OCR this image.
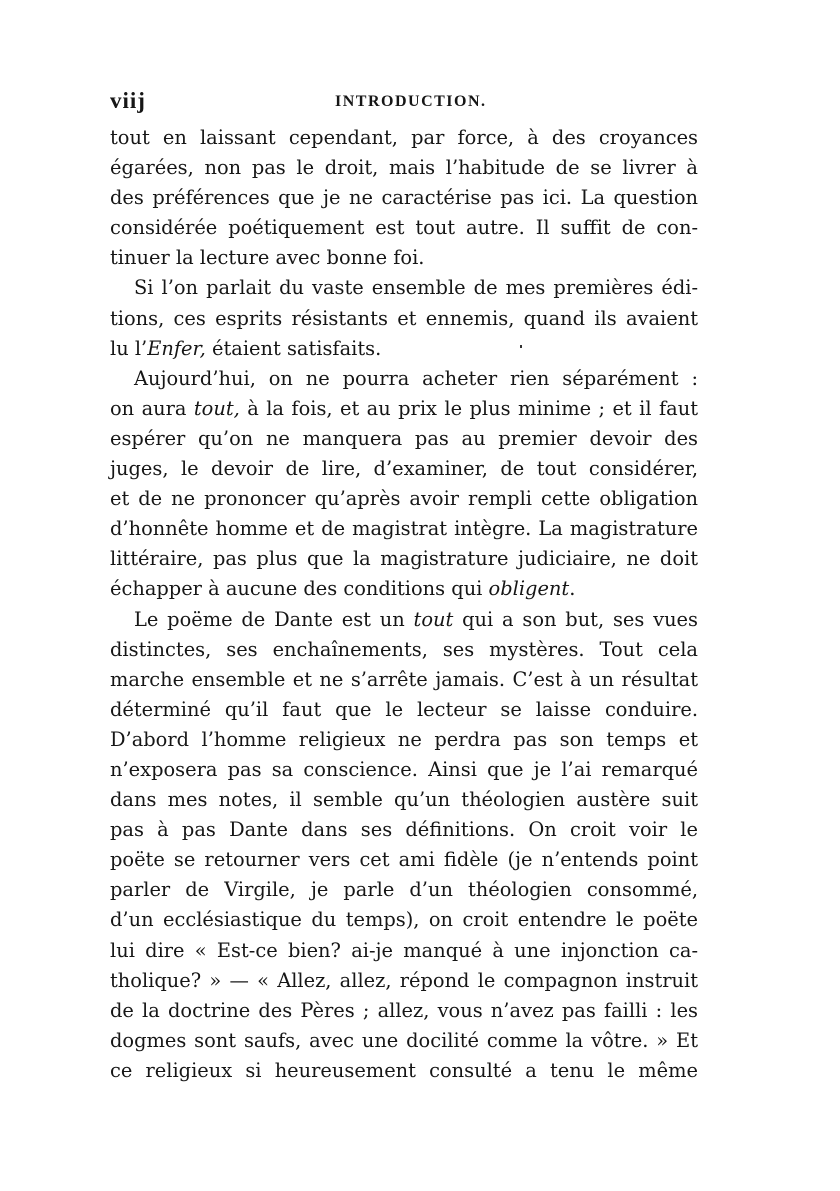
viij	INTRODUCTION.
tout en laissant cependant, par force, à des croyances
égarées, non pas le droit, mais l’habitude de se livrer à
des préférences que je ne caractérise pas ici. La question
considérée poétiquement est tout autre. Il suffit de con-
tinuer la lecture avec bonne foi.
Si l’on parlait du vaste ensemble de mes premières édi-
tions, ces esprits résistants et ennemis, quand ils avaient
lu l’Enfer, étaient satisfaits.
Aujourd’hui, on ne pourra acheter rien séparément :
on aura tout, à la fois, et au prix le plus minime ; et il faut
espérer qu’on ne manquera pas au premier devoir des
juges, le devoir de lire, d’examiner, de tout considérer,
et de ne prononcer qu’après avoir rempli cette obligation
d’honnête homme et de magistrat intègre. La magistrature
littéraire, pas plus que la magistrature judiciaire, ne doit
échapper à aucune des conditions qui obligent.
Le poëme de Dante est un tout qui a son but, ses vues
distinctes, ses enchaînements, ses mystères. Tout cela
marche ensemble et ne s’arrête jamais. C’est à un résultat
déterminé qu’il faut que le lecteur se laisse conduire.
D’abord l’homme religieux ne perdra pas son temps et
n’exposera pas sa conscience. Ainsi que je l’ai remarqué
dans mes notes, il semble qu’un théologien austère suit
pas à pas Dante dans ses définitions. On croit voir le
poëte se retourner vers cet ami fidèle (je n’entends point
parler de Virgile, je parle d’un théologien consommé,
d’un ecclésiastique du temps), on croit entendre le poëte
lui dire « Est-ce bien? ai-je manqué à une injonction ca-
tholique? » — « Allez, allez, répond le compagnon instruit
de la doctrine des Pères ; allez, vous n’avez pas failli : les
dogmes sont saufs, avec une docilité comme la vôtre. » Et
ce religieux si heureusement consulté a tenu le même
